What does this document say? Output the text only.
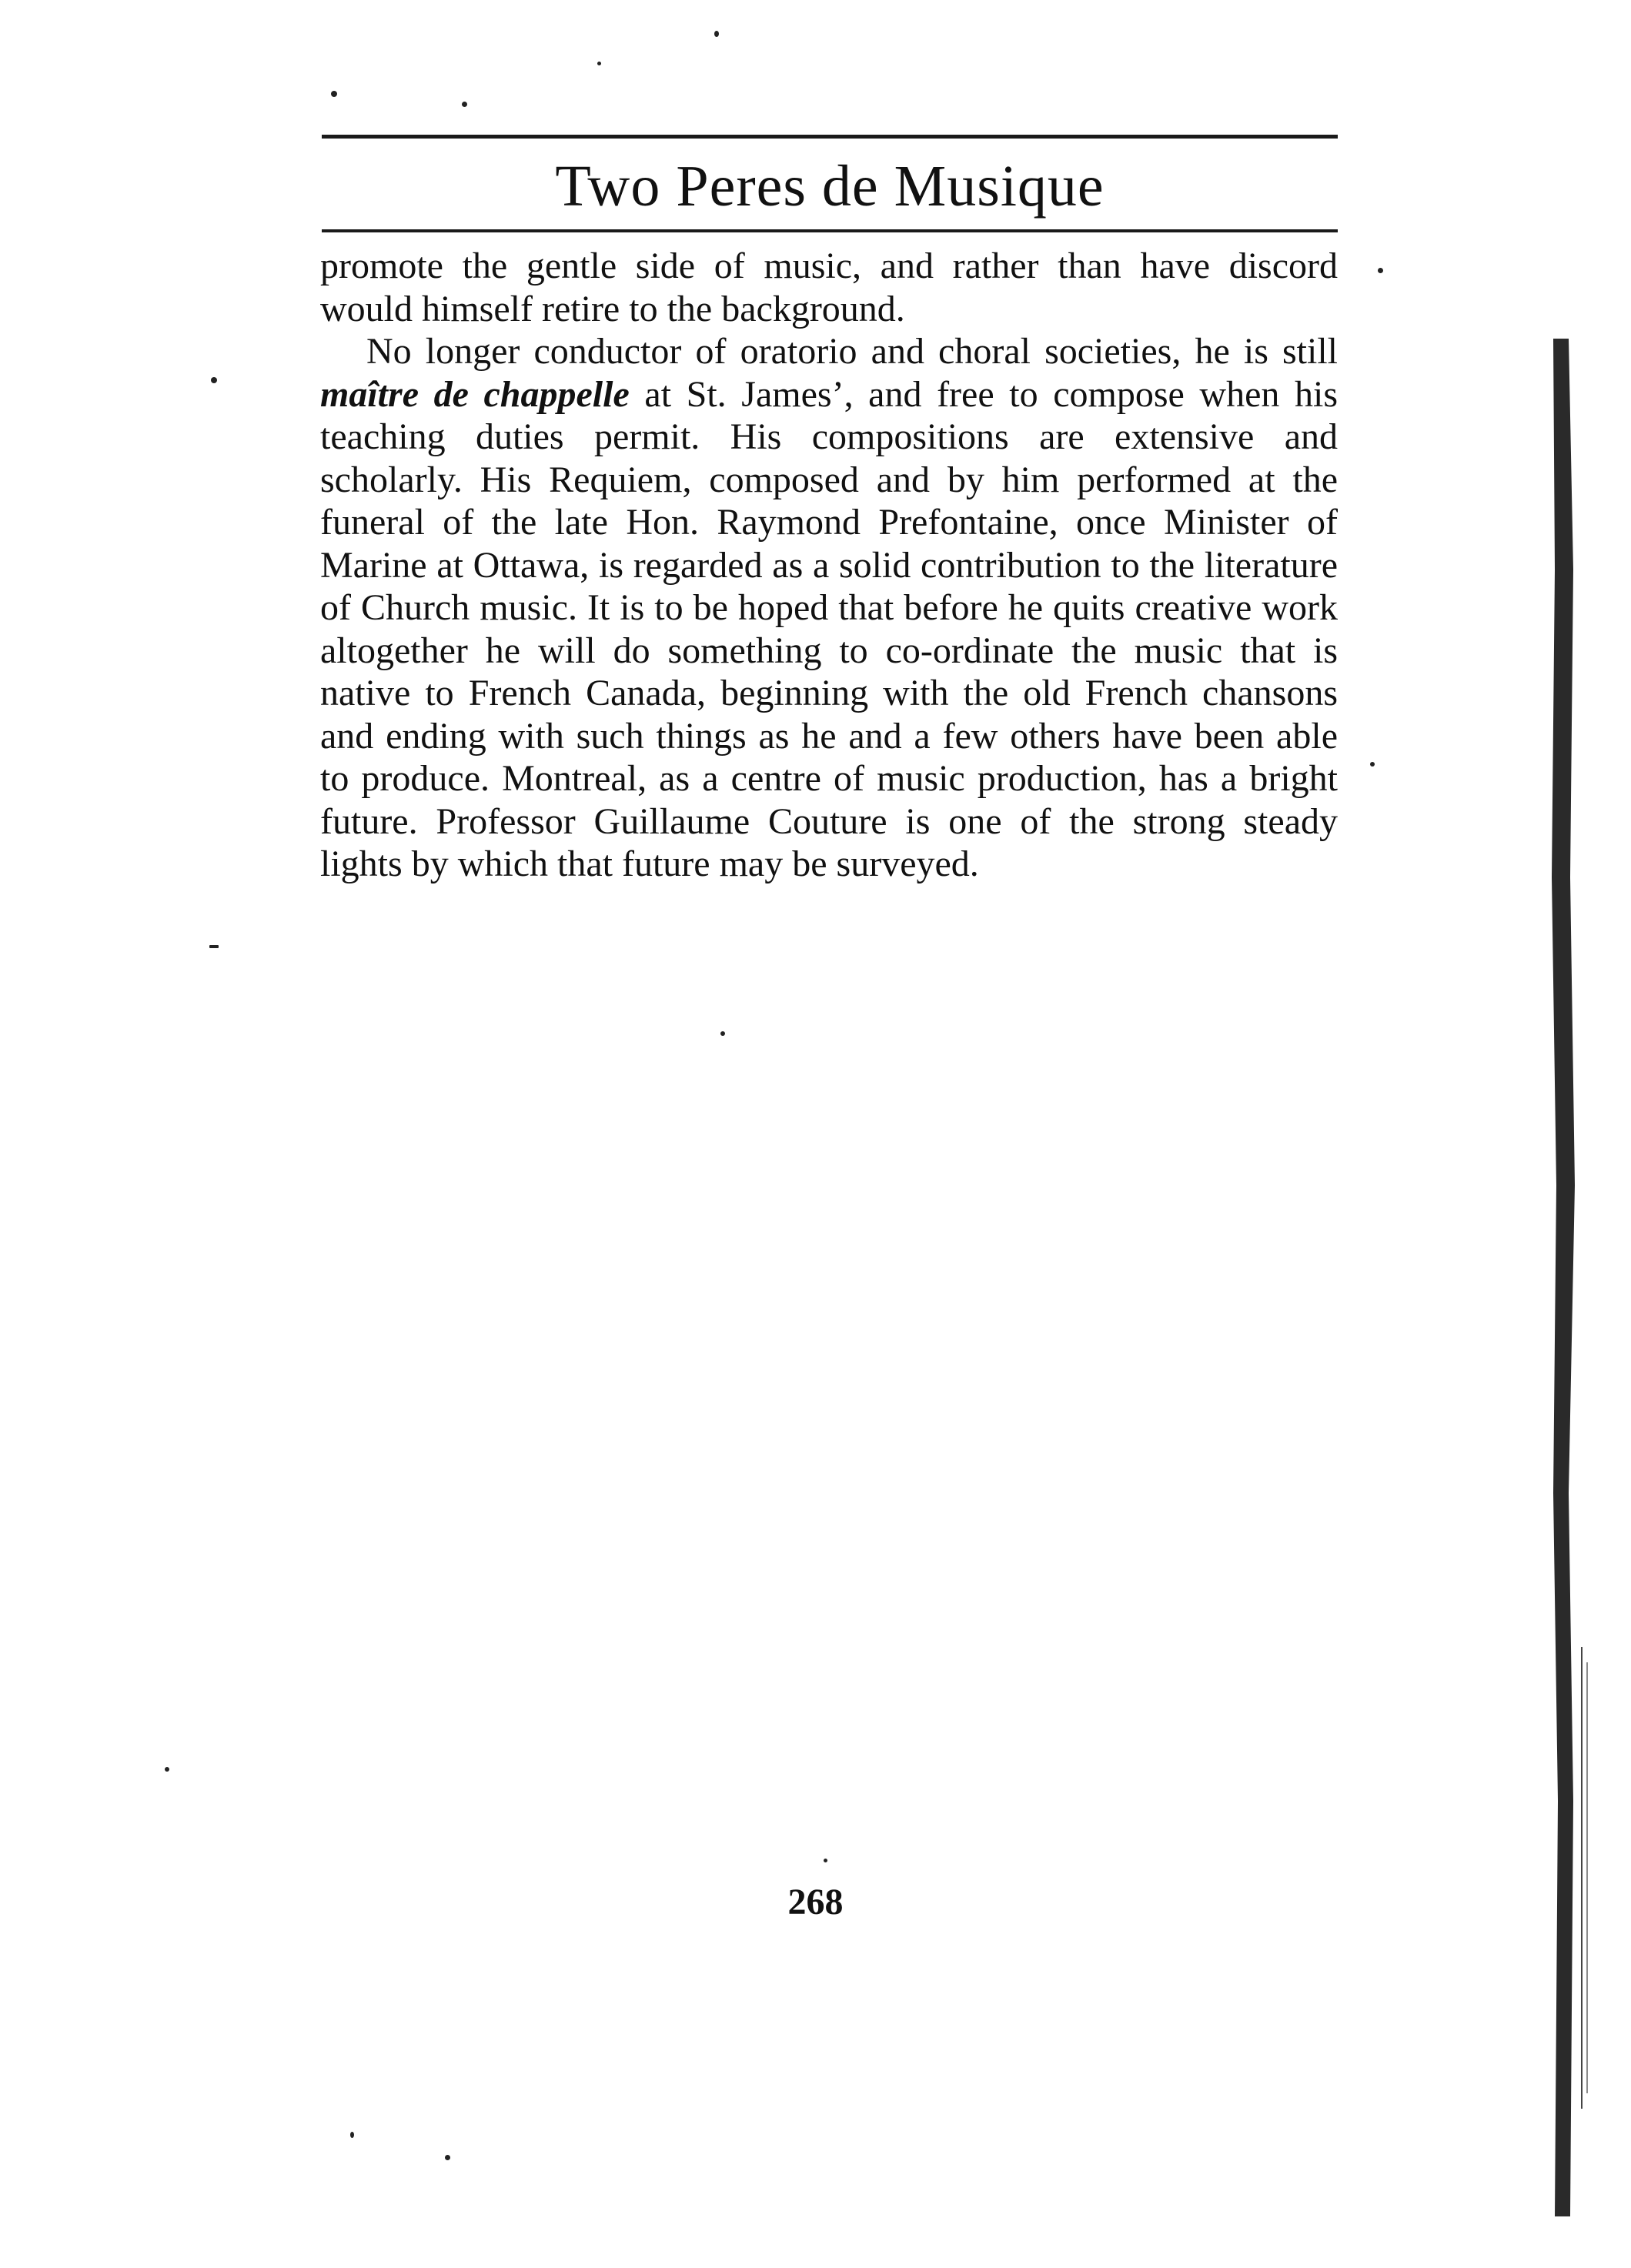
Two Peres de Musique

promote the gentle side of music, and rather than have discord would himself retire to the background.

No longer conductor of oratorio and choral societies, he is still maître de chappelle at St. James’, and free to compose when his teaching duties permit. His compositions are extensive and scholarly. His Requiem, composed and by him performed at the funeral of the late Hon. Raymond Prefontaine, once Minister of Marine at Ottawa, is regarded as a solid contribution to the literature of Church music. It is to be hoped that before he quits creative work altogether he will do something to co-ordinate the music that is native to French Canada, beginning with the old French chansons and ending with such things as he and a few others have been able to produce. Montreal, as a centre of music production, has a bright future. Professor Guillaume Couture is one of the strong steady lights by which that future may be surveyed.

268
